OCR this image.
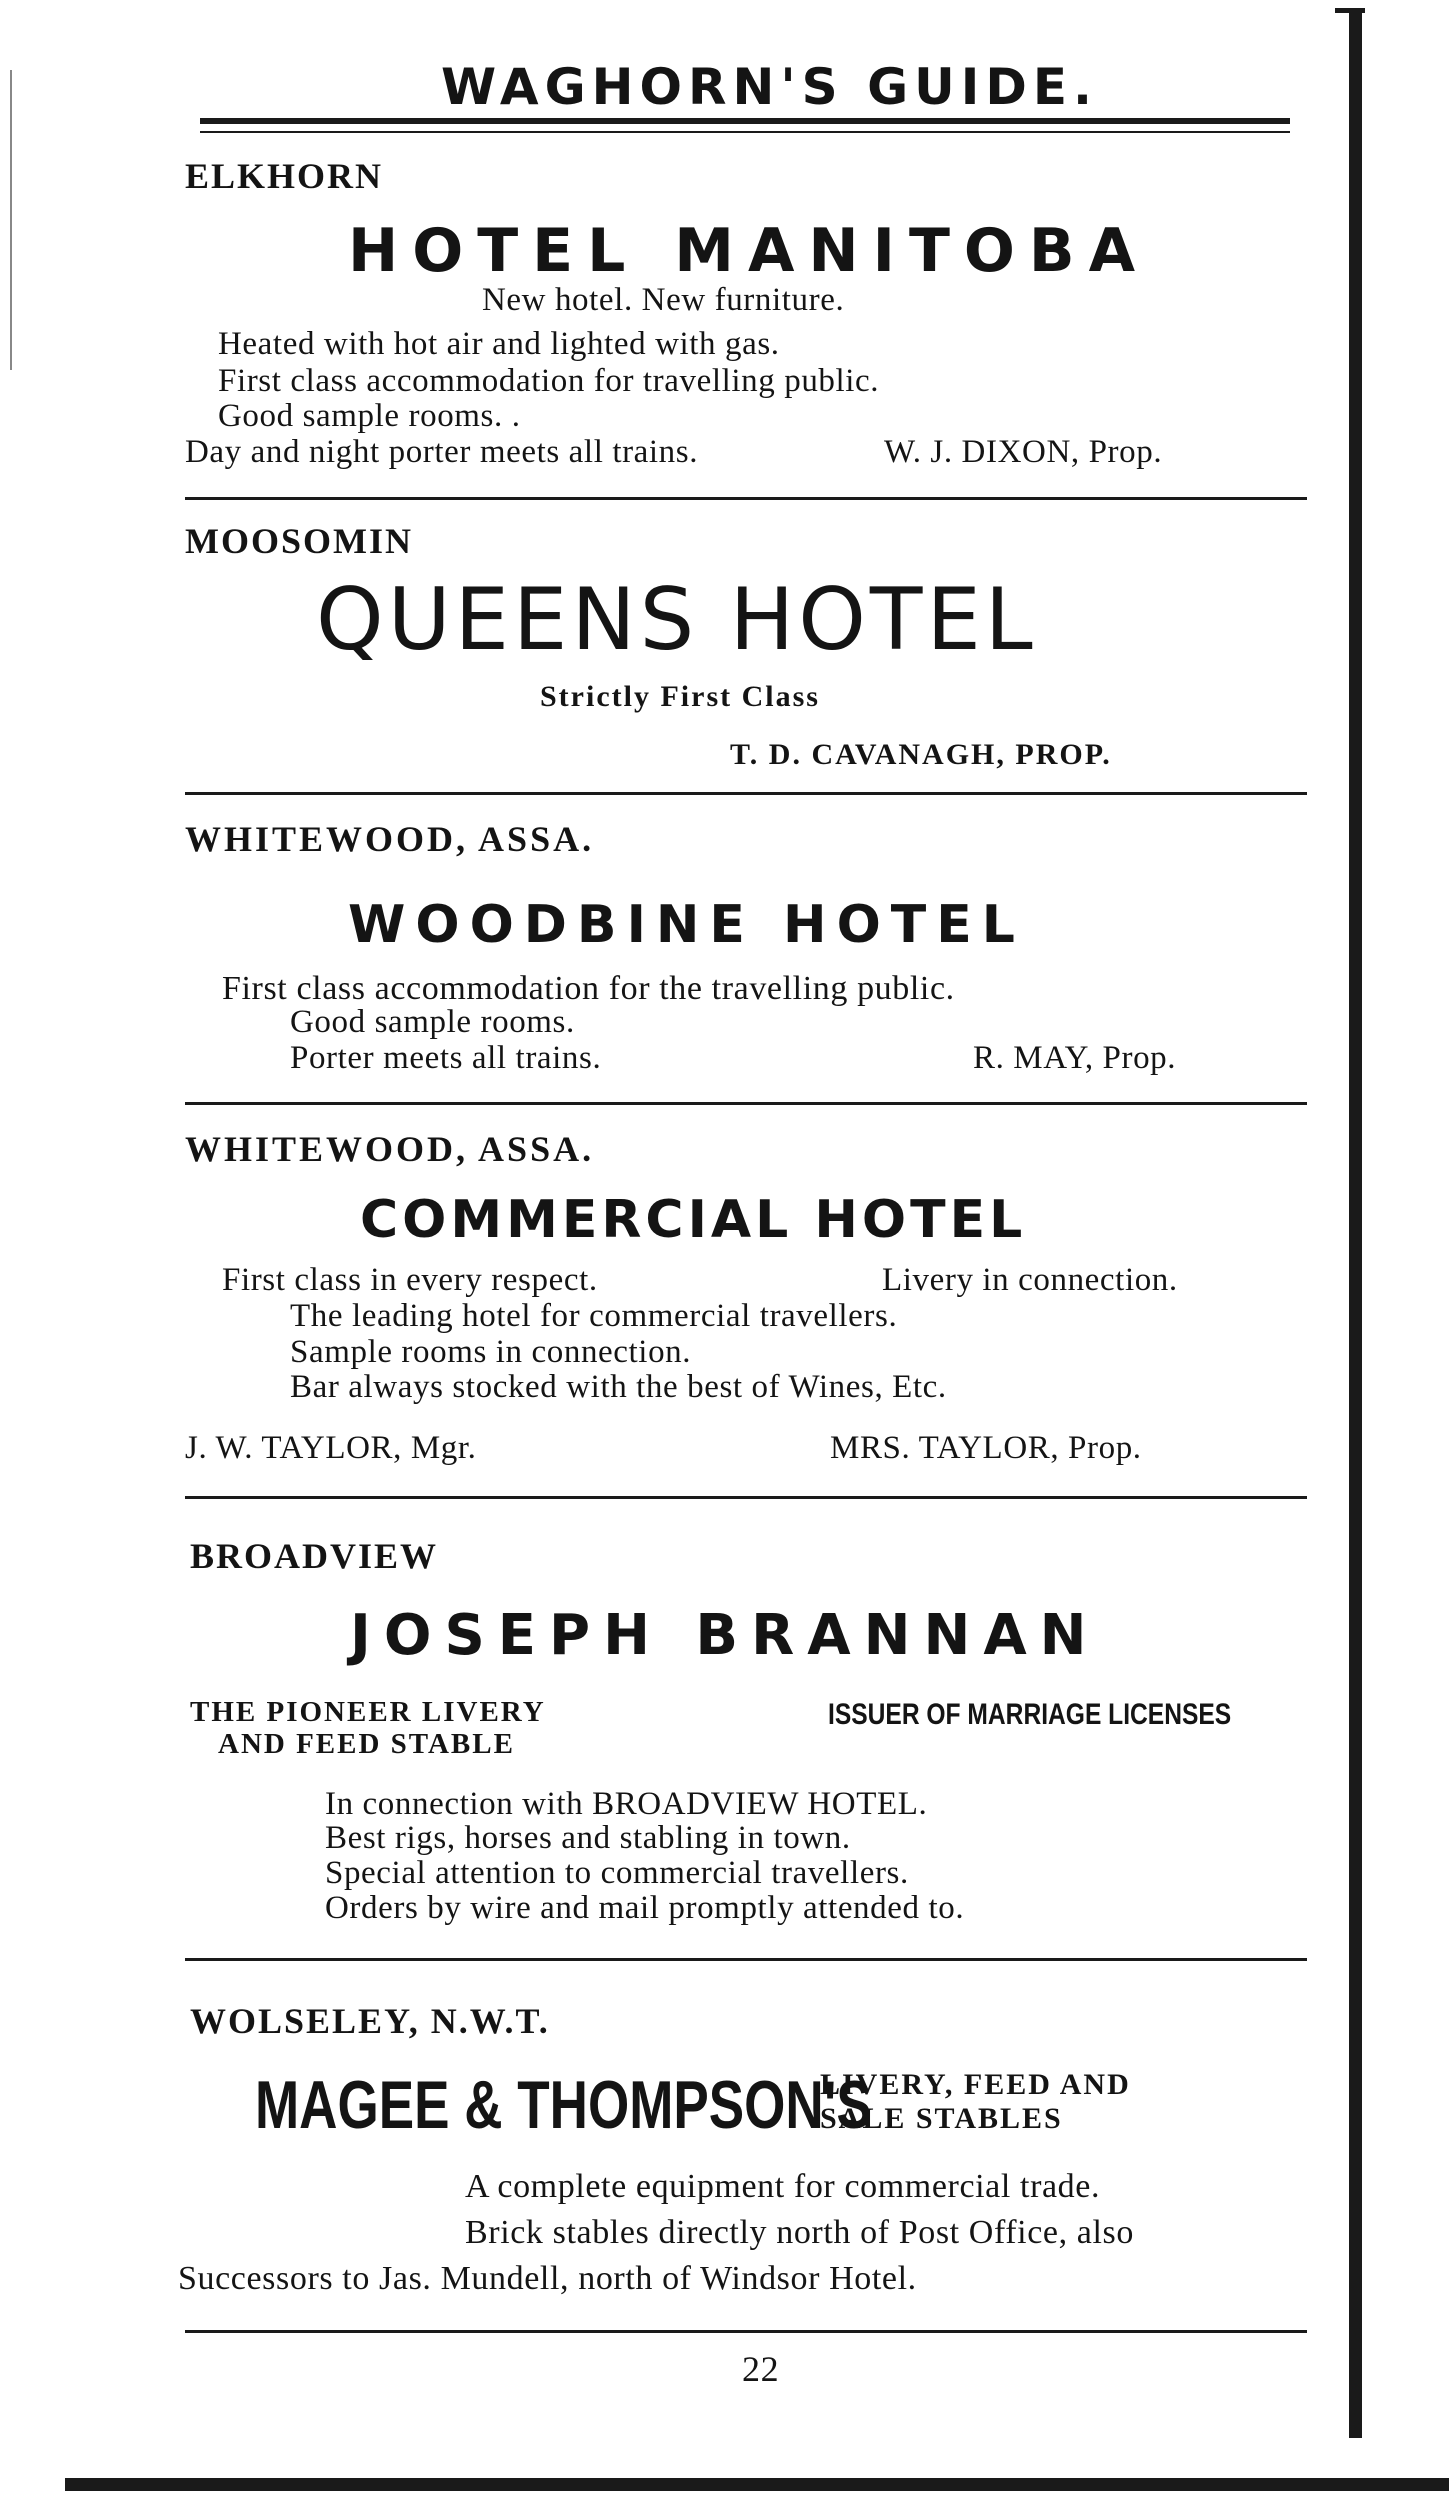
WAGHORN'S GUIDE.
ELKHORN
HOTEL MANITOBA
New hotel. New furniture.
Heated with hot air and lighted with gas.
First class accommodation for travelling public.
Good sample rooms. .
Day and night porter meets all trains.	W. J. DIXON, Prop.
MOOSOMIN
QUEENS HOTEL
Strictly First Class
T. D. CAVANAGH, PROP.
WHITEWOOD, ASSA.
WOODBINE HOTEL
First class accommodation for the travelling public.
Good sample rooms.
Porter meets all trains.	R. MAY, Prop.
WHITEWOOD, ASSA.
COMMERCIAL HOTEL
First class in every respect.	Livery in connection.
The leading hotel for commercial travellers.
Sample rooms in connection.
Bar always stocked with the best of Wines, Etc.
J. W. TAYLOR, Mgr.	MRS. TAYLOR, Prop.
BROADVIEW
JOSEPH BRANNAN
THE PIONEER LIVERY
AND FEED STABLE
ISSUER OF MARRIAGE LICENSES
In connection with BROADVIEW HOTEL.
Best rigs, horses and stabling in town.
Special attention to commercial travellers.
Orders by wire and mail promptly attended to.
WOLSELEY, N.W.T.
MAGEE & THOMPSON'S
LIVERY, FEED AND
SALE STABLES
A complete equipment for commercial trade.
Brick stables directly north of Post Office, also
Successors to Jas. Mundell, north of Windsor Hotel.
22
